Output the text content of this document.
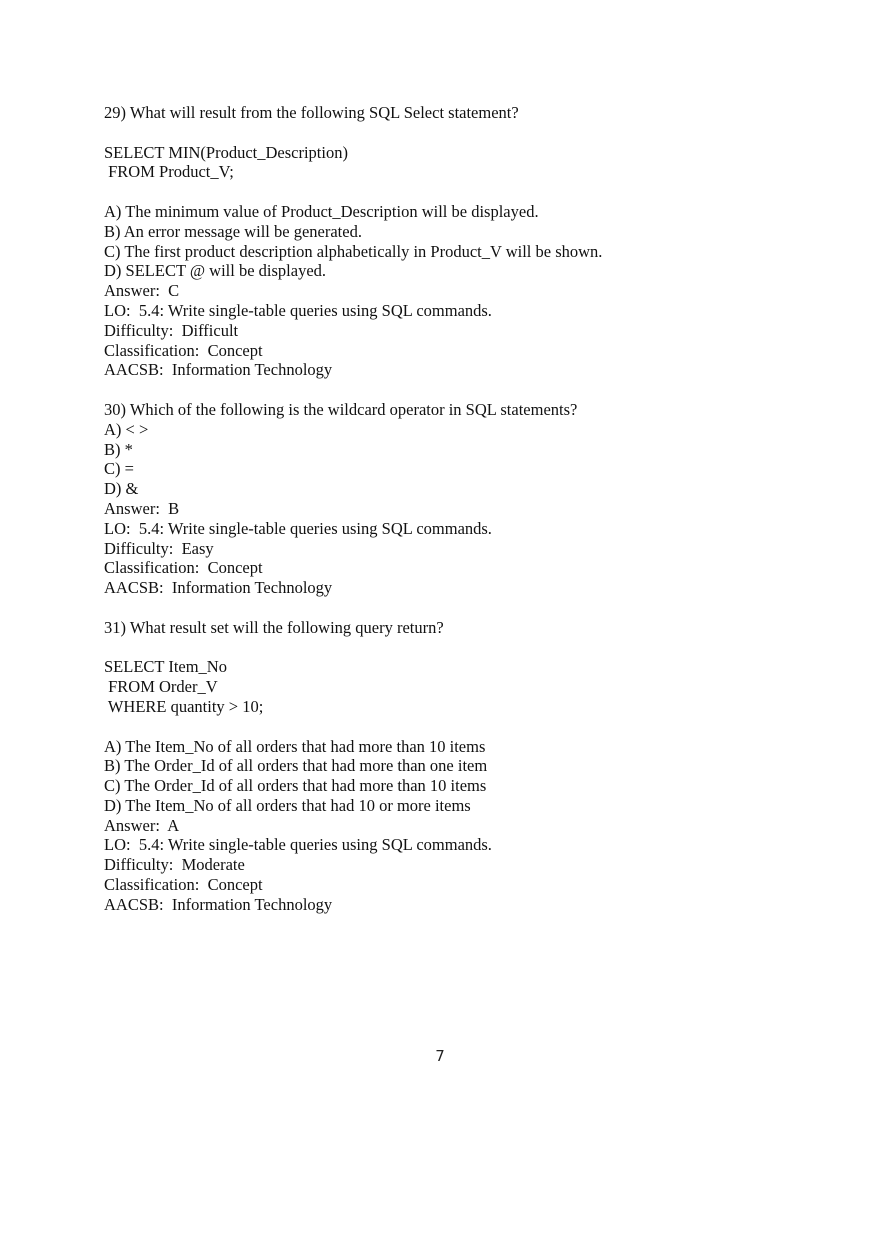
29) What will result from the following SQL Select statement?
SELECT MIN(Product_Description)
FROM Product_V;
A) The minimum value of Product_Description will be displayed.
B) An error message will be generated.
C) The first product description alphabetically in Product_V will be shown.
D) SELECT @ will be displayed.
Answer:  C
LO:  5.4: Write single-table queries using SQL commands.
Difficulty:  Difficult
Classification:  Concept
AACSB:  Information Technology
30) Which of the following is the wildcard operator in SQL statements?
A) < >
B) *
C) =
D) &
Answer:  B
LO:  5.4: Write single-table queries using SQL commands.
Difficulty:  Easy
Classification:  Concept
AACSB:  Information Technology
31) What result set will the following query return?
SELECT Item_No
FROM Order_V
WHERE quantity > 10;
A) The Item_No of all orders that had more than 10 items
B) The Order_Id of all orders that had more than one item
C) The Order_Id of all orders that had more than 10 items
D) The Item_No of all orders that had 10 or more items
Answer:  A
LO:  5.4: Write single-table queries using SQL commands.
Difficulty:  Moderate
Classification:  Concept
AACSB:  Information Technology
7
